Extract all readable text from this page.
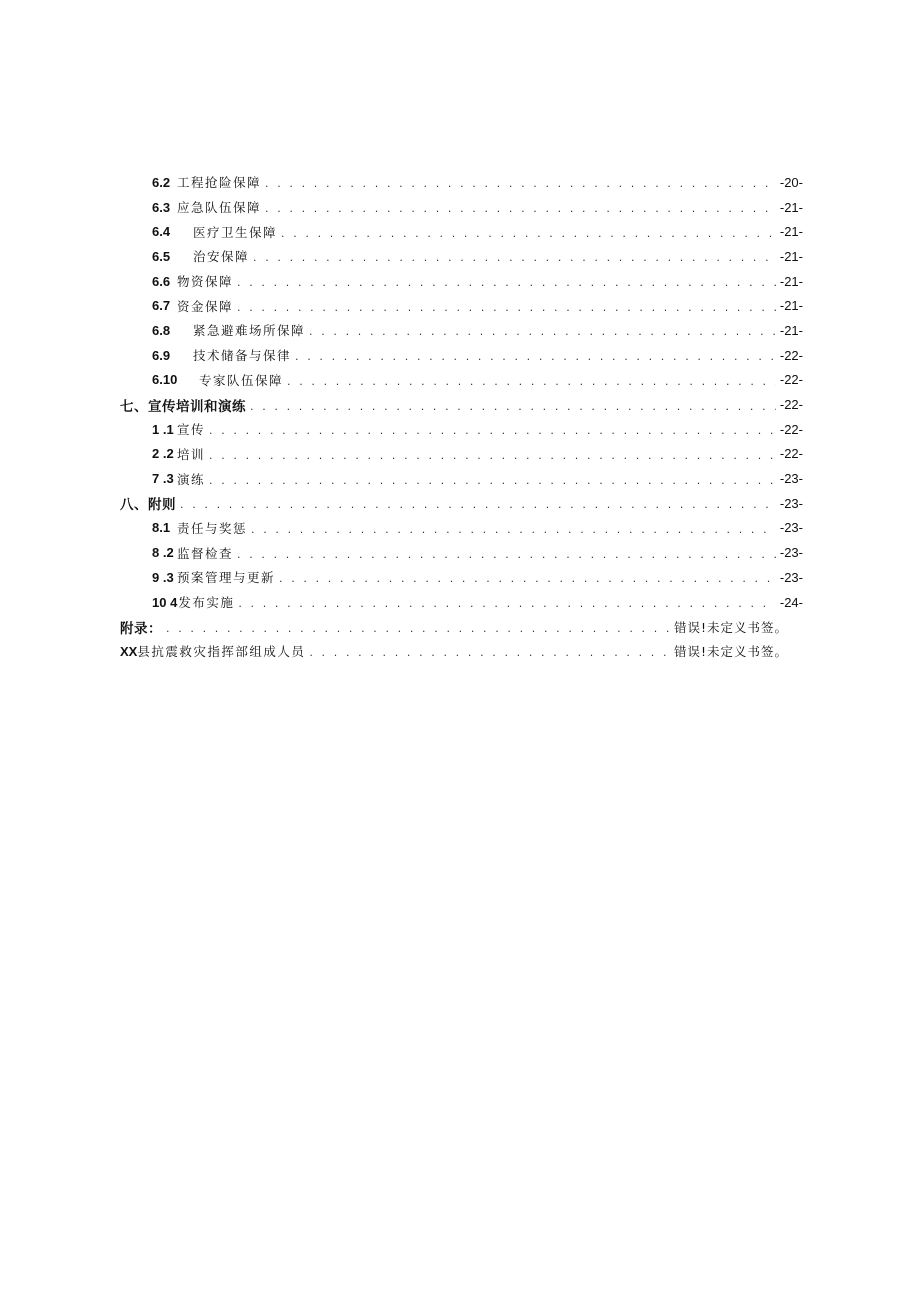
6.2 工程抢险保障 . . .	-20-
6.3 应急队伍保障 . . .	-21-
6.4	医疗卫生保障 . . .	-21-
6.5	治安保障 . . .	-21-
6.6 物资保障 . . .	-21-
6.7 资金保障 . . .	-21-
6.8	紧急避难场所保障 . . .	-21-
6.9	技术储备与保律 . . .	-22-
6.10	专家队伍保障 . . .	-22-
七、宣传培训和演练 . . .	-22-
1 .1 宣传 . . .	-22-
2 .2 培训 . . .	-22-
7 .3 演练 . . .	-23-
八、附则 . . .	-23-
8.1 责任与奖惩 . . .	-23-
8 .2 监督检查 . . .	-23-
9 .3 预案管理与更新 . . .	-23-
10 4 发布实施 . . .	-24-
附录： . . .	错误!未定义书签。
XX 县抗震救灾指挥部组成人员 . . .	错误!未定义书签。
